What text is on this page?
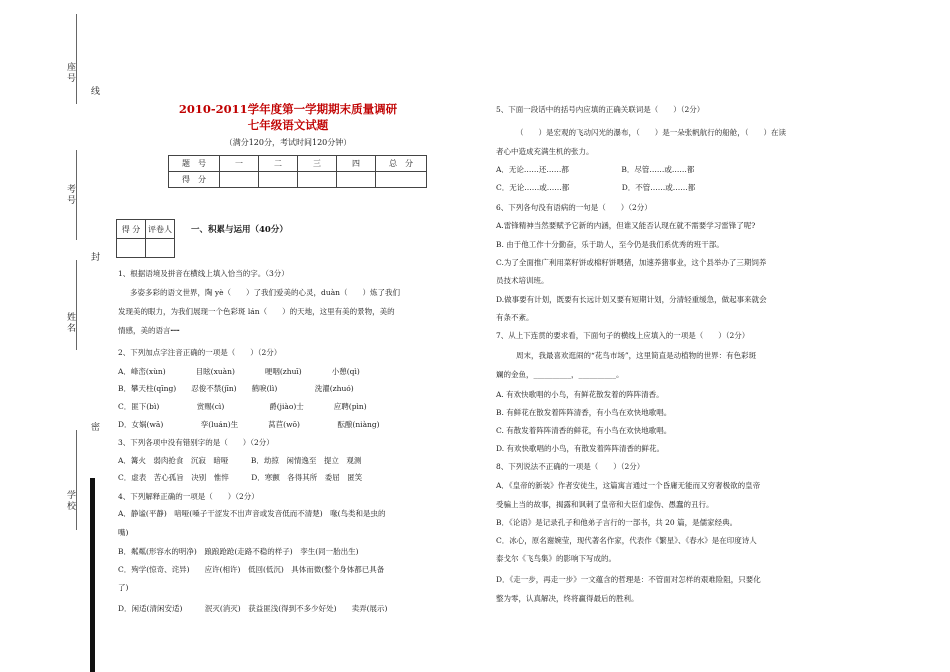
座号
线
考号
封
姓名
密
学校
2010-2011学年度第一学期期末质量调研
七年级语文试题
（满分120分，考试时间120分钟）
题　号	一	二	三	四	总　分
得　分					
得 分	评卷人
	一、积累与运用（40分）
1、根据语境及拼音在横线上填入恰当的字。（3分）
多姿多彩的语文世界，陶 yè（　　）了我们爱美的心灵，duàn（　　）炼了我们
发现美的眼力，为我们展现一个色彩斑 lán（　　）的天地，这里有美的景物，美的
情感，美的语言┅┅
2、下列加点字注音正确的一项是（　　）（2分）
A．峰峦(xùn)　　　　目眩(xuàn)　　　　哽咽(zhuī)　　　　小憩(qì)
B．攀天柱(qīng)　　忍俊不禁(jīn)　　鹤唳(lì)　　　　　洗濯(zhuó)
C．匪下(bì)　　　　　赏赐(cì)　　　　　　爵(jiào)士　　　　应聘(pìn)
D．女娲(wā)　　　　　孪(luán)生　　　　莴苣(wō)　　　　　酝酿(niàng)
3、下列各项中没有错别字的是（　　）（2分）
A．篝火　弱肉抢食　沉寂　暗哑　　　B．劫掠　闲情逸至　提立　观测
C．虚表　苦心孤旨　决别　惟悴　　　D．寒颤　各得其所　委屈　匿笑
4、下列解释正确的一项是（　　）（2分）
A．静谧(平静)　喑哑(嗓子干涩发不出声音或发音低而不清楚)　喙(鸟类和是虫的
嘴)
B．粼粼(形容水的明净)　踉踉跄跄(走路不稳的样子)　孪生(同一胎出生)
C．殉学(惊奇、诧异)　　应许(相许)　低回(低沉)　具体而微(整个身体都已具备
了)
D．闲适(清闲安适)　　　泯灭(消灭)　获益匪浅(得到不多少好处)　　卖弄(展示)
5、下面一段话中的括号内应填的正确关联词是（　　）（2分）
（　　）是宏观的飞动闪光的瀑布，（　　）是一朵张帆航行的船舱，（　　）在读
者心中造成充满生机的张力。
A．无论……还……都　　　　　　　B．尽管……或……都
C．无论……或……都　　　　　　　D．不管……或……都
6、下列各句没有语病的一句是（　　）（2分）
A.雷锋精神当然要赋予它新的内涵，但谁又能否认现在就不需要学习雷锋了呢?
B. 由于他工作十分勤奋，乐于助人，至今仍是我们系优秀的班干部。
C.为了全面推广利用菜籽饼或棉籽饼喂猪，加速养猪事业，这个县举办了三期饲养
员技术培训班。
D.做事要有计划，既要有长远计划又要有短期计划，分清轻重缓急，做起事来就会
有条不紊。
7、从上下连贯的要求看，下面句子的横线上应填入的一项是（　　）（2分）
周末，我最喜欢逛闹的“花鸟市场”，这里简直是动植物的世界：有色彩斑
斓的金鱼，__________，__________。
A. 有欢快歌唱的小鸟，有鲜花散发着的阵阵清香。
B. 有鲜花在散发着阵阵清香，有小鸟在欢快地歌唱。
C. 有散发着阵阵清香的鲜花，有小鸟在欢快地歌唱。
D. 有欢快歌唱的小鸟，有散发着阵阵清香的鲜花。
8、下列说法不正确的一项是（　　）（2分）
A．《皇帝的新装》作者安徒生，这篇寓言通过一个昏庸无能而又穷奢极欲的皇帝
受骗上当的故事，揭露和讽刺了皇帝和大臣们虚伪、愚蠢的丑行。
B．《论语》是记录孔子和他弟子言行的一部书，共 20 篇，是儒家经典。
C．冰心，原名谢婉莹，现代著名作家，代表作《繁星》、《春水》是在印度诗人
泰戈尔《飞鸟集》的影响下写成的。
D．《走一步，再走一步》一文蕴含的哲理是：不管面对怎样的艰难险阻，只要化
整为零，认真解决，终将赢得最后的胜利。
